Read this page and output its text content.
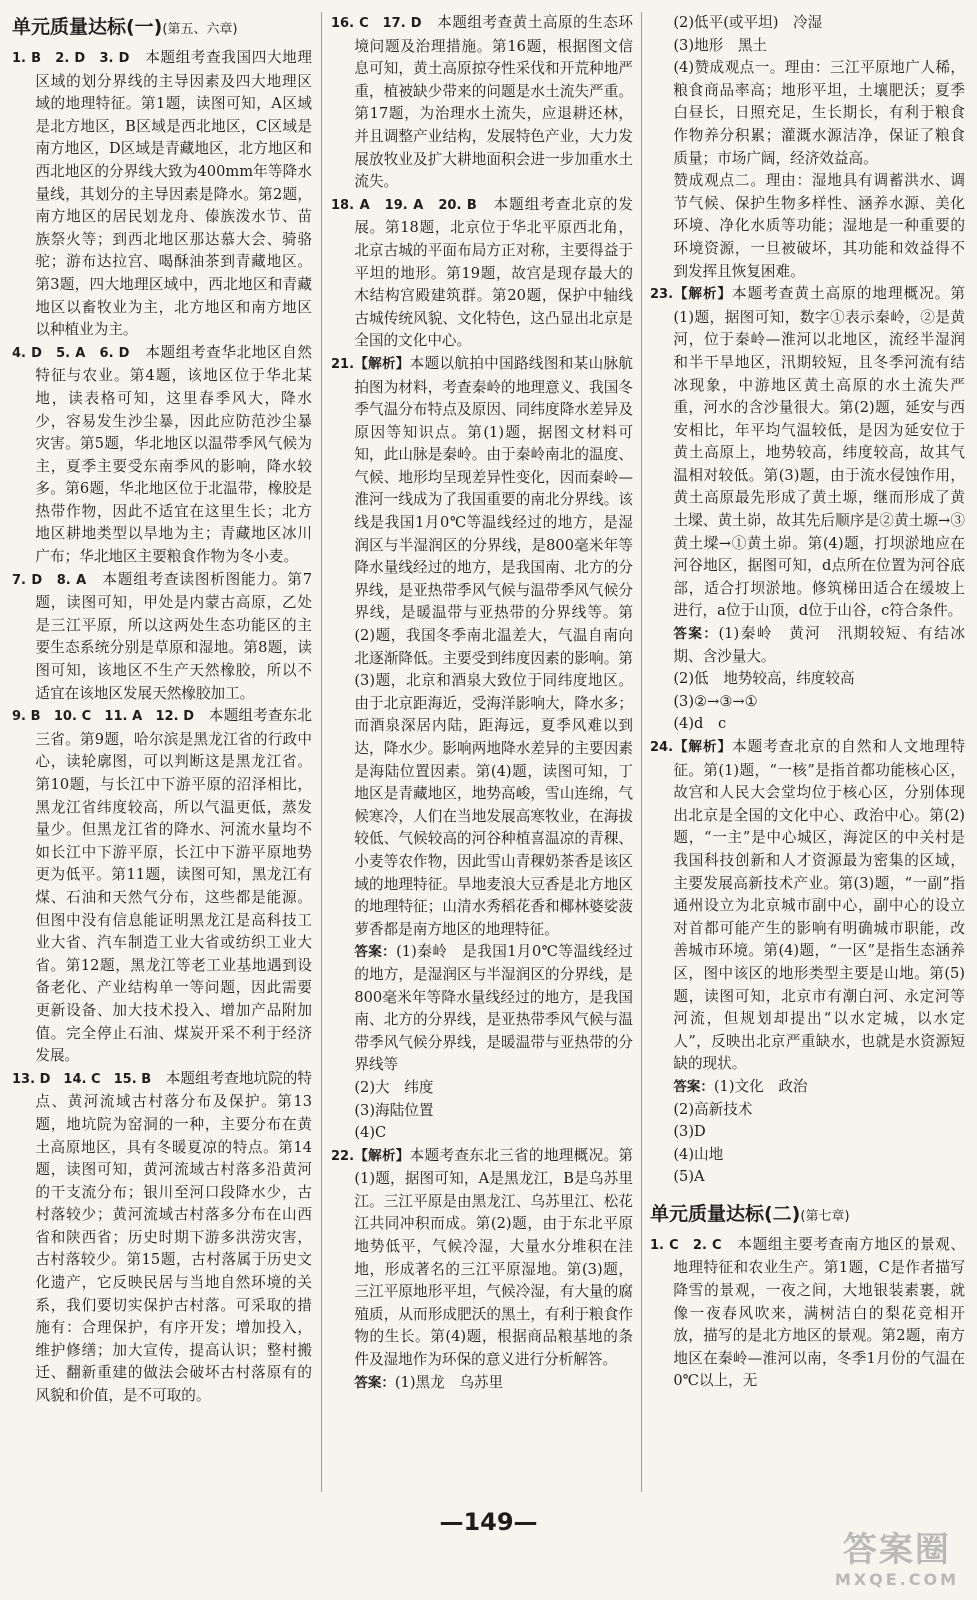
单元质量达标(一)(第五、六章)

1. B　2. D　3. D　 本题组考查我国四大地理区域的划分界线的主导因素及四大地理区域的地理特征。第1题，读图可知，A区域是北方地区，B区域是西北地区，C区域是南方地区，D区域是青藏地区，北方地区和西北地区的分界线大致为400mm年等降水量线，其划分的主导因素是降水。第2题，南方地区的居民划龙舟、傣族泼水节、苗族祭火等；到西北地区那达慕大会、骑骆驼；游布达拉宫、喝酥油茶到青藏地区。第3题，四大地理区域中，西北地区和青藏地区以畜牧业为主，北方地区和南方地区以种植业为主。

4. D　5. A　6. D　 本题组考查华北地区自然特征与农业。第4题，该地区位于华北某地，读表格可知，这里春季风大，降水少，容易发生沙尘暴，因此应防范沙尘暴灾害。第5题，华北地区以温带季风气候为主，夏季主要受东南季风的影响，降水较多。第6题，华北地区位于北温带，橡胶是热带作物，因此不适宜在这里生长；北方地区耕地类型以旱地为主；青藏地区冰川广布；华北地区主要粮食作物为冬小麦。

7. D　8. A　 本题组考查读图析图能力。第7题，读图可知，甲处是内蒙古高原，乙处是三江平原，所以这两处生态功能区的主要生态系统分别是草原和湿地。第8题，读图可知，该地区不生产天然橡胶，所以不适宜在该地区发展天然橡胶加工。

9. B　10. C　11. A　12. D　 本题组考查东北三省。第9题，哈尔滨是黑龙江省的行政中心，读轮廓图，可以判断这是黑龙江省。第10题，与长江中下游平原的沼泽相比，黑龙江省纬度较高，所以气温更低，蒸发量少。但黑龙江省的降水、河流水量均不如长江中下游平原，长江中下游平原地势更为低平。第11题，读图可知，黑龙江有煤、石油和天然气分布，这些都是能源。但图中没有信息能证明黑龙江是高科技工业大省、汽车制造工业大省或纺织工业大省。第12题，黑龙江等老工业基地遇到设备老化、产业结构单一等问题，因此需要更新设备、加大技术投入、增加产品附加值。完全停止石油、煤炭开采不利于经济发展。

13. D　14. C　15. B　 本题组考查地坑院的特点、黄河流域古村落分布及保护。第13题，地坑院为窑洞的一种，主要分布在黄土高原地区，具有冬暖夏凉的特点。第14题，读图可知，黄河流域古村落多沿黄河的干支流分布；银川至河口段降水少，古村落较少；黄河流域古村落多分布在山西省和陕西省；历史时期下游多洪涝灾害，古村落较少。第15题，古村落属于历史文化遗产，它反映民居与当地自然环境的关系，我们要切实保护古村落。可采取的措施有：合理保护，有序开发；增加投入，维护修缮；加大宣传，提高认识；整村搬迁、翻新重建的做法会破坏古村落原有的风貌和价值，是不可取的。

16. C　17. D　 本题组考查黄土高原的生态环境问题及治理措施。第16题，根据图文信息可知，黄土高原掠夺性采伐和开荒种地严重，植被缺少带来的问题是水土流失严重。第17题，为治理水土流失，应退耕还林，并且调整产业结构，发展特色产业，大力发展放牧业及扩大耕地面积会进一步加重水土流失。

18. A　19. A　20. B　 本题组考查北京的发展。第18题，北京位于华北平原西北角，北京古城的平面布局方正对称，主要得益于平坦的地形。第19题，故宫是现存最大的木结构宫殿建筑群。第20题，保护中轴线古城传统风貌、文化特色，这凸显出北京是全国的文化中心。

21.【解析】本题以航拍中国路线图和某山脉航拍图为材料，考查秦岭的地理意义、我国冬季气温分布特点及原因、同纬度降水差异及原因等知识点。第(1)题，据图文材料可知，此山脉是秦岭。由于秦岭南北的温度、气候、地形均呈现差异性变化，因而秦岭—淮河一线成为了我国重要的南北分界线。该线是我国1月0℃等温线经过的地方，是湿润区与半湿润区的分界线，是800毫米年等降水量线经过的地方，是我国南、北方的分界线，是亚热带季风气候与温带季风气候分界线，是暖温带与亚热带的分界线等。第(2)题，我国冬季南北温差大，气温自南向北逐渐降低。主要受到纬度因素的影响。第(3)题，北京和酒泉大致位于同纬度地区。由于北京距海近，受海洋影响大，降水多；而酒泉深居内陆，距海远，夏季风难以到达，降水少。影响两地降水差异的主要因素是海陆位置因素。第(4)题，读图可知，丁地区是青藏地区，地势高峻，雪山连绵，气候寒冷，人们在当地发展高寒牧业，在海拔较低、气候较高的河谷种植喜温凉的青稞、小麦等农作物，因此雪山青稞奶茶香是该区域的地理特征。旱地麦浪大豆香是北方地区的地理特征；山清水秀稻花香和椰林婆娑菠萝香都是南方地区的地理特征。

答案：(1)秦岭　是我国1月0℃等温线经过的地方，是湿润区与半湿润区的分界线，是800毫米年等降水量线经过的地方，是我国南、北方的分界线，是亚热带季风气候与温带季风气候分界线，是暖温带与亚热带的分界线等

(2)大　纬度

(3)海陆位置

(4)C

22.【解析】本题考查东北三省的地理概况。第(1)题，据图可知，A是黑龙江，B是乌苏里江。三江平原是由黑龙江、乌苏里江、松花江共同冲积而成。第(2)题，由于东北平原地势低平，气候冷湿，大量水分堆积在洼地，形成著名的三江平原湿地。第(3)题，三江平原地形平坦，气候冷湿，有大量的腐殖质，从而形成肥沃的黑土，有利于粮食作物的生长。第(4)题，根据商品粮基地的条件及湿地作为环保的意义进行分析解答。

答案：(1)黑龙　乌苏里

(2)低平(或平坦)　冷湿

(3)地形　黑土

(4)赞成观点一。理由：三江平原地广人稀，粮食商品率高；地形平坦，土壤肥沃；夏季白昼长，日照充足，生长期长，有利于粮食作物养分积累；灌溉水源洁净，保证了粮食质量；市场广阔，经济效益高。

赞成观点二。理由：湿地具有调蓄洪水、调节气候、保护生物多样性、涵养水源、美化环境、净化水质等功能；湿地是一种重要的环境资源，一旦被破坏，其功能和效益得不到发挥且恢复困难。

23.【解析】本题考查黄土高原的地理概况。第(1)题，据图可知，数字①表示秦岭，②是黄河，位于秦岭—淮河以北地区，流经半湿润和半干旱地区，汛期较短，且冬季河流有结冰现象，中游地区黄土高原的水土流失严重，河水的含沙量很大。第(2)题，延安与西安相比，年平均气温较低，是因为延安位于黄土高原上，地势较高，纬度较高，故其气温相对较低。第(3)题，由于流水侵蚀作用，黄土高原最先形成了黄土塬，继而形成了黄土墚、黄土峁，故其先后顺序是②黄土塬→③黄土墚→①黄土峁。第(4)题，打坝淤地应在河谷地区，据图可知，d点所在位置为河谷底部，适合打坝淤地。修筑梯田适合在缓坡上进行，a位于山顶，d位于山谷，c符合条件。

答案：(1)秦岭　黄河　汛期较短、有结冰期、含沙量大。

(2)低　地势较高，纬度较高

(3)②→③→①

(4)d　c

24.【解析】本题考查北京的自然和人文地理特征。第(1)题，“一核”是指首都功能核心区，故宫和人民大会堂均位于核心区，分别体现出北京是全国的文化中心、政治中心。第(2)题，“一主”是中心城区，海淀区的中关村是我国科技创新和人才资源最为密集的区域，主要发展高新技术产业。第(3)题，“一副”指通州设立为北京城市副中心，副中心的设立对首都可能产生的影响有明确城市职能，改善城市环境。第(4)题，“一区”是指生态涵养区，图中该区的地形类型主要是山地。第(5)题，读图可知，北京市有潮白河、永定河等河流，但规划却提出“以水定城，以水定人”，反映出北京严重缺水，也就是水资源短缺的现状。

答案：(1)文化　政治

(2)高新技术

(3)D

(4)山地

(5)A

单元质量达标(二)(第七章)

1. C　2. C　 本题组主要考查南方地区的景观、地理特征和农业生产。第1题，C是作者描写降雪的景观，一夜之间，大地银装素裹，就像一夜春风吹来，满树洁白的梨花竞相开放，描写的是北方地区的景观。第2题，南方地区在秦岭—淮河以南，冬季1月份的气温在0℃以上，无

—149—
答案圈
MXQE.COM
